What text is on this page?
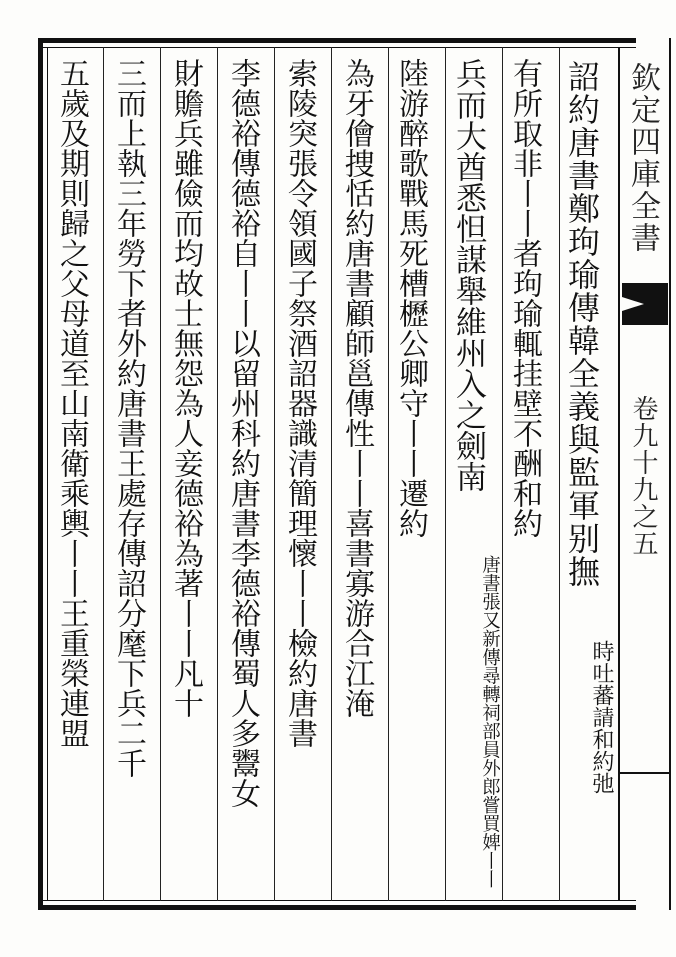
欽定四庫全書
卷九十九之五
詔約唐書鄭玽瑜傳韓全義與監軍别撫
有所取非丨丨者玽瑜輒挂壁不酬和約
時吐蕃請和約弛
兵而大酋悉怛謀舉維州入之劍南
陸游醉歌戰馬死槽櫪公卿守丨丨遷約
唐書張又新傳尋轉祠部員外郎嘗買婢丨丨
為牙儈捜恬約唐書顧師邕傳性丨丨喜書寡游合江淹
索陵突張令領國子祭酒詔器識清簡理懷丨丨檢約唐書
李德裕傳德裕自丨丨以留州科約唐書李德裕傳蜀人多鬻女
財贍兵雖儉而均故士無怨為人妾德裕為著丨丨凡十
三而上執三年勞下者外約唐書王處存傳詔分麾下兵二千
五歲及期則歸之父母道至山南衛乘輿丨丨王重榮連盟
